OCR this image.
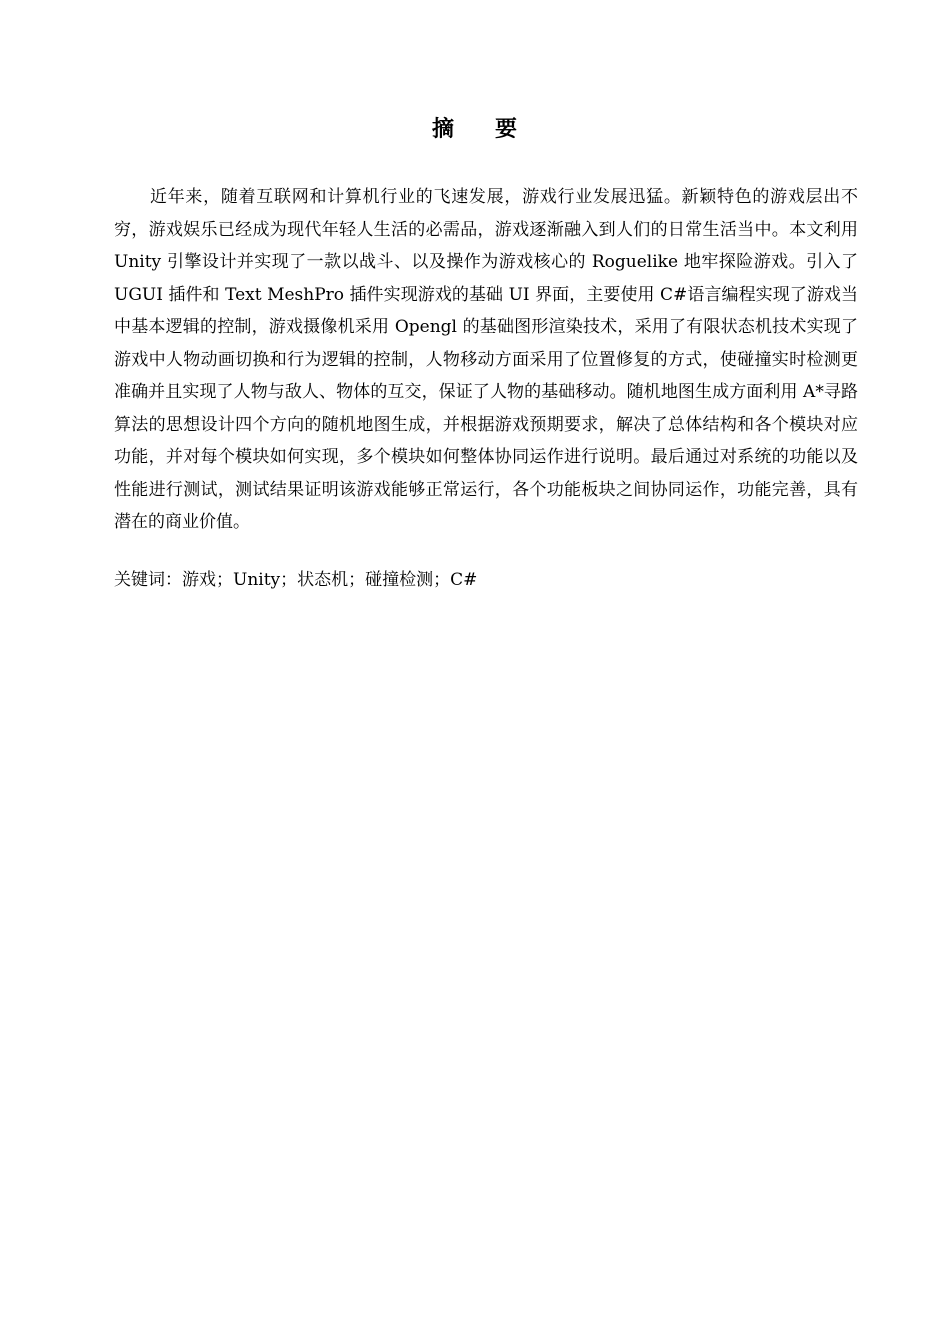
摘 要

近年来，随着互联网和计算机行业的飞速发展，游戏行业发展迅猛。新颖特色的游戏层出不穷，游戏娱乐已经成为现代年轻人生活的必需品，游戏逐渐融入到人们的日常生活当中。本文利用 Unity 引擎设计并实现了一款以战斗、以及操作为游戏核心的 Roguelike 地牢探险游戏。引入了 UGUI 插件和 Text MeshPro 插件实现游戏的基础 UI 界面，主要使用 C#语言编程实现了游戏当中基本逻辑的控制，游戏摄像机采用 Opengl 的基础图形渲染技术，采用了有限状态机技术实现了游戏中人物动画切换和行为逻辑的控制，人物移动方面采用了位置修复的方式，使碰撞实时检测更准确并且实现了人物与敌人、物体的互交，保证了人物的基础移动。随机地图生成方面利用 A*寻路算法的思想设计四个方向的随机地图生成，并根据游戏预期要求，解决了总体结构和各个模块对应功能，并对每个模块如何实现，多个模块如何整体协同运作进行说明。最后通过对系统的功能以及性能进行测试，测试结果证明该游戏能够正常运行，各个功能板块之间协同运作，功能完善，具有潜在的商业价值。

关键词：游戏；Unity；状态机；碰撞检测；C#
